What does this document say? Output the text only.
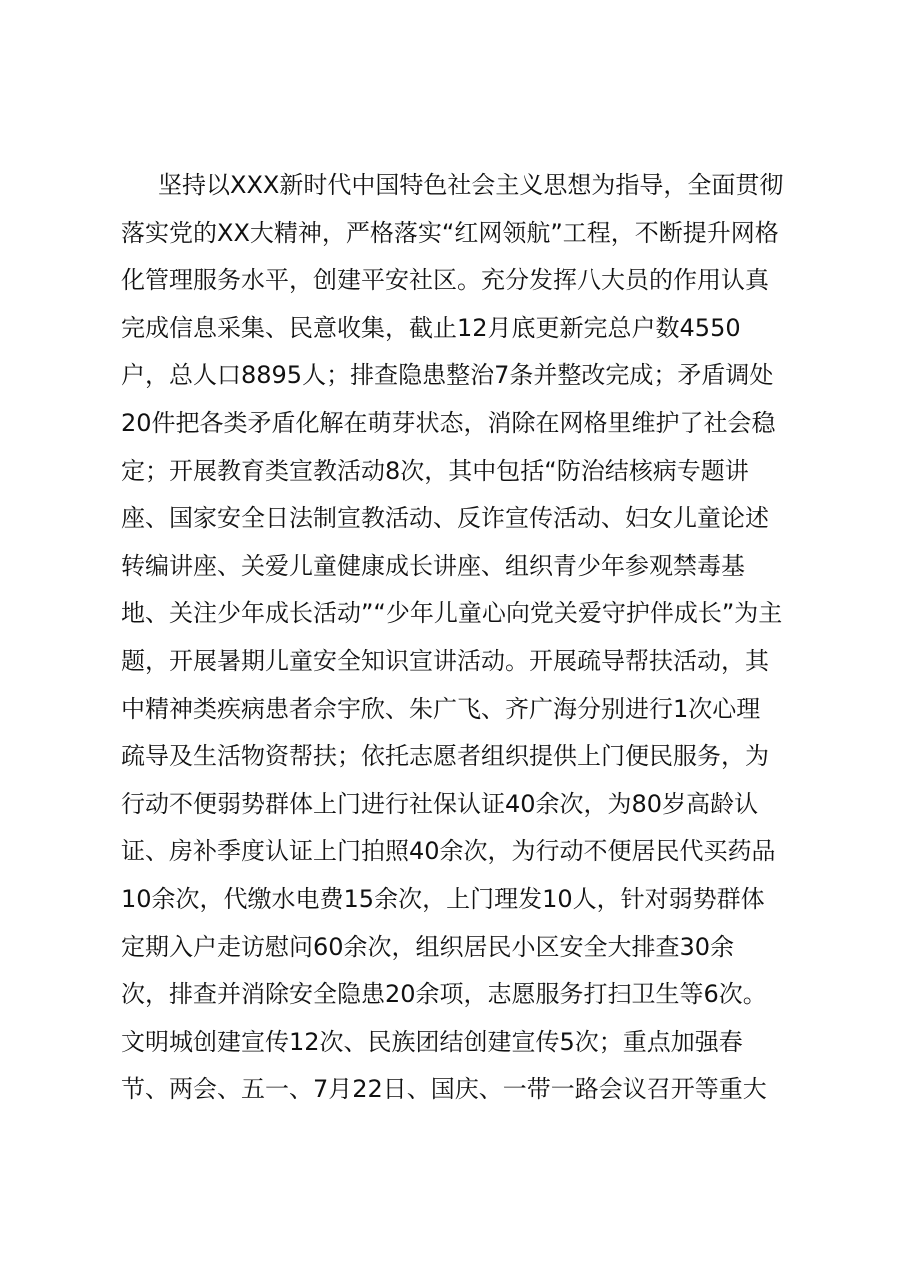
坚持以XXX新时代中国特色社会主义思想为指导，全面贯彻
落实党的XX大精神，严格落实“红网领航”工程，不断提升网格
化管理服务水平，创建平安社区。充分发挥八大员的作用认真
完成信息采集、民意收集，截止12月底更新完总户数4550
户，总人口8895人；排查隐患整治7条并整改完成；矛盾调处
20件把各类矛盾化解在萌芽状态，消除在网格里维护了社会稳
定；开展教育类宣教活动8次，其中包括“防治结核病专题讲
座、国家安全日法制宣教活动、反诈宣传活动、妇女儿童论述
转编讲座、关爱儿童健康成长讲座、组织青少年参观禁毒基
地、关注少年成长活动”“少年儿童心向党关爱守护伴成长”为主
题，开展暑期儿童安全知识宣讲活动。开展疏导帮扶活动，其
中精神类疾病患者佘宇欣、朱广飞、齐广海分别进行1次心理
疏导及生活物资帮扶；依托志愿者组织提供上门便民服务，为
行动不便弱势群体上门进行社保认证40余次，为80岁高龄认
证、房补季度认证上门拍照40余次，为行动不便居民代买药品
10余次，代缴水电费15余次，上门理发10人，针对弱势群体
定期入户走访慰问60余次，组织居民小区安全大排查30余
次，排查并消除安全隐患20余项，志愿服务打扫卫生等6次。
文明城创建宣传12次、民族团结创建宣传5次；重点加强春
节、两会、五一、7月22日、国庆、一带一路会议召开等重大
